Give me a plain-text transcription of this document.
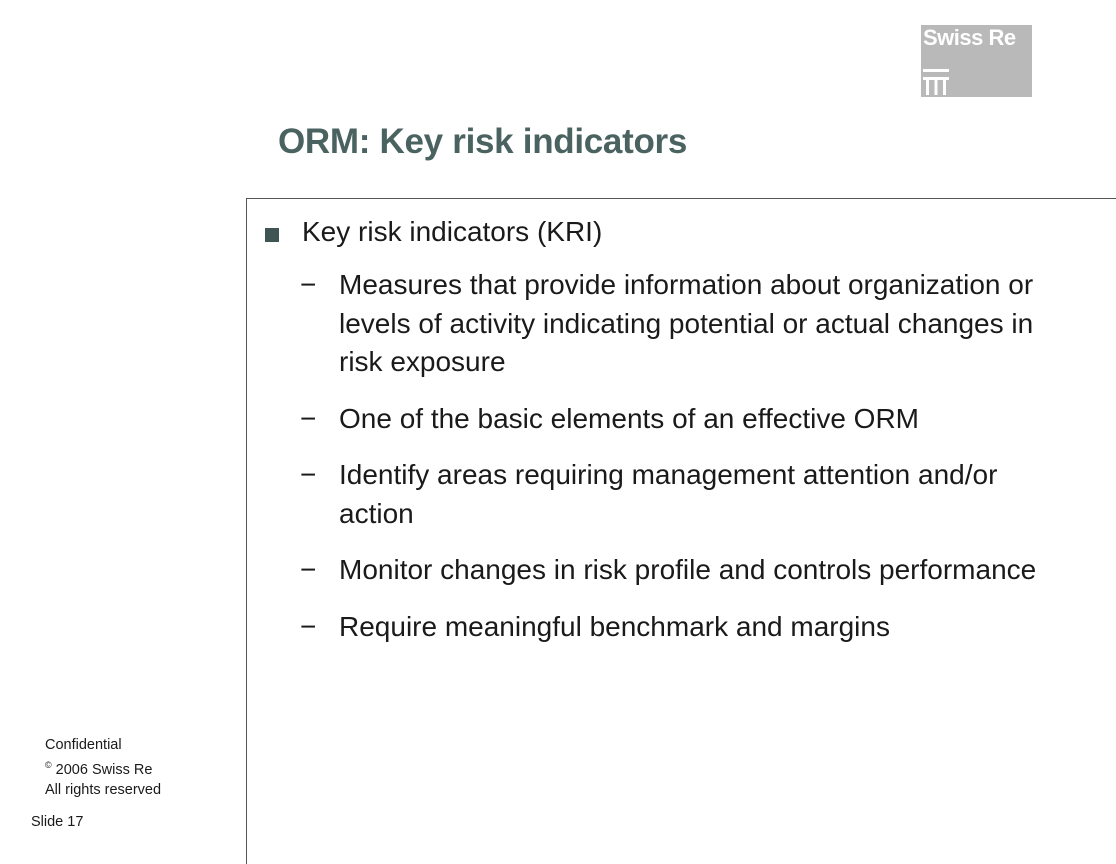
Swiss Re
ORM: Key risk indicators
Key risk indicators (KRI)
− Measures that provide information about organization or levels of activity indicating potential or actual changes in risk exposure
− One of the basic elements of an effective ORM
− Identify areas requiring management attention and/or action
− Monitor changes in risk profile and controls performance
− Require meaningful benchmark and margins
Confidential
© 2006 Swiss Re
All rights reserved
Slide 17
